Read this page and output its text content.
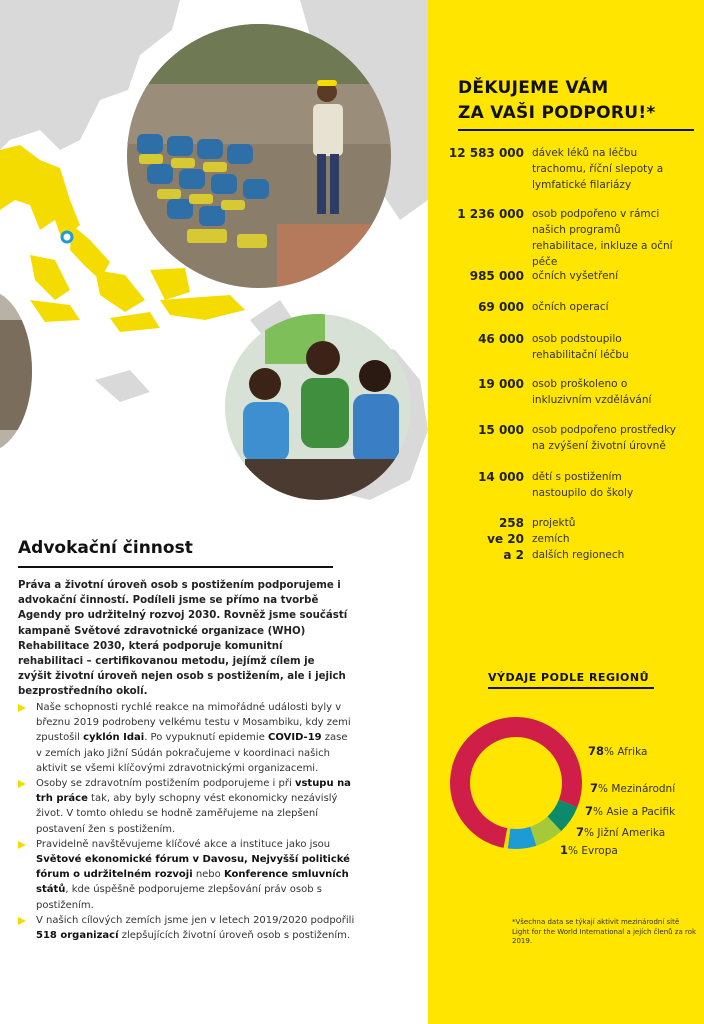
Advokační činnost
Práva a životní úroveň osob s postižením podporujeme i advokační činností. Podíleli jsme se přímo na tvorbě Agendy pro udržitelný rozvoj 2030. Rovněž jsme součástí kampaně Světové zdravotnické organizace (WHO) Rehabilitace 2030, která podporuje komunitní rehabilitaci – certifikovanou metodu, jejímž cílem je zvýšit životní úroveň nejen osob s postižením, ale i jejich bezprostředního okolí.
Naše schopnosti rychlé reakce na mimořádné události byly v březnu 2019 podrobeny velkému testu v Mosambiku, kdy zemi zpustošil cyklón Idai. Po vypuknutí epidemie COVID-19 zase v zemích jako Jižní Súdán pokračujeme v koordinaci našich aktivit se všemi klíčovými zdravotnickými organizacemi.
Osoby se zdravotním postižením podporujeme i při vstupu na trh práce tak, aby byly schopny vést ekonomicky nezávislý život. V tomto ohledu se hodně zaměřujeme na zlepšení postavení žen s postižením.
Pravidelně navštěvujeme klíčové akce a instituce jako jsou Světové ekonomické fórum v Davosu, Nejvyšší politické fórum o udržitelném rozvoji nebo Konference smluvních států, kde úspěšně podporujeme zlepšování práv osob s postižením.
V našich cílových zemích jsme jen v letech 2019/2020 podpořili 518 organizací zlepšujících životní úroveň osob s postižením.
DĚKUJEME VÁM
ZA VAŠI PODPORU!*
12 583 000 dávek léků na léčbu trachomu, říční slepoty a lymfatické filariázy
1 236 000 osob podpořeno v rámci našich programů rehabilitace, inkluze a oční péče
985 000 očních vyšetření
69 000 očních operací
46 000 osob podstoupilo rehabilitační léčbu
19 000 osob proškoleno o inkluzivním vzdělávání
15 000 osob podpořeno prostředky na zvýšení životní úrovně
14 000 dětí s postižením nastoupilo do školy
258
ve 20
a 2
projektů
zemích
dalších regionech
VÝDAJE PODLE REGIONŮ
78% Afrika
7% Mezinárodní
7% Asie a Pacifik
7% Jižní Amerika
1% Evropa
*Všechna data se týkají aktivit mezinárodní sítě Light for the World International a jejích členů za rok 2019.
